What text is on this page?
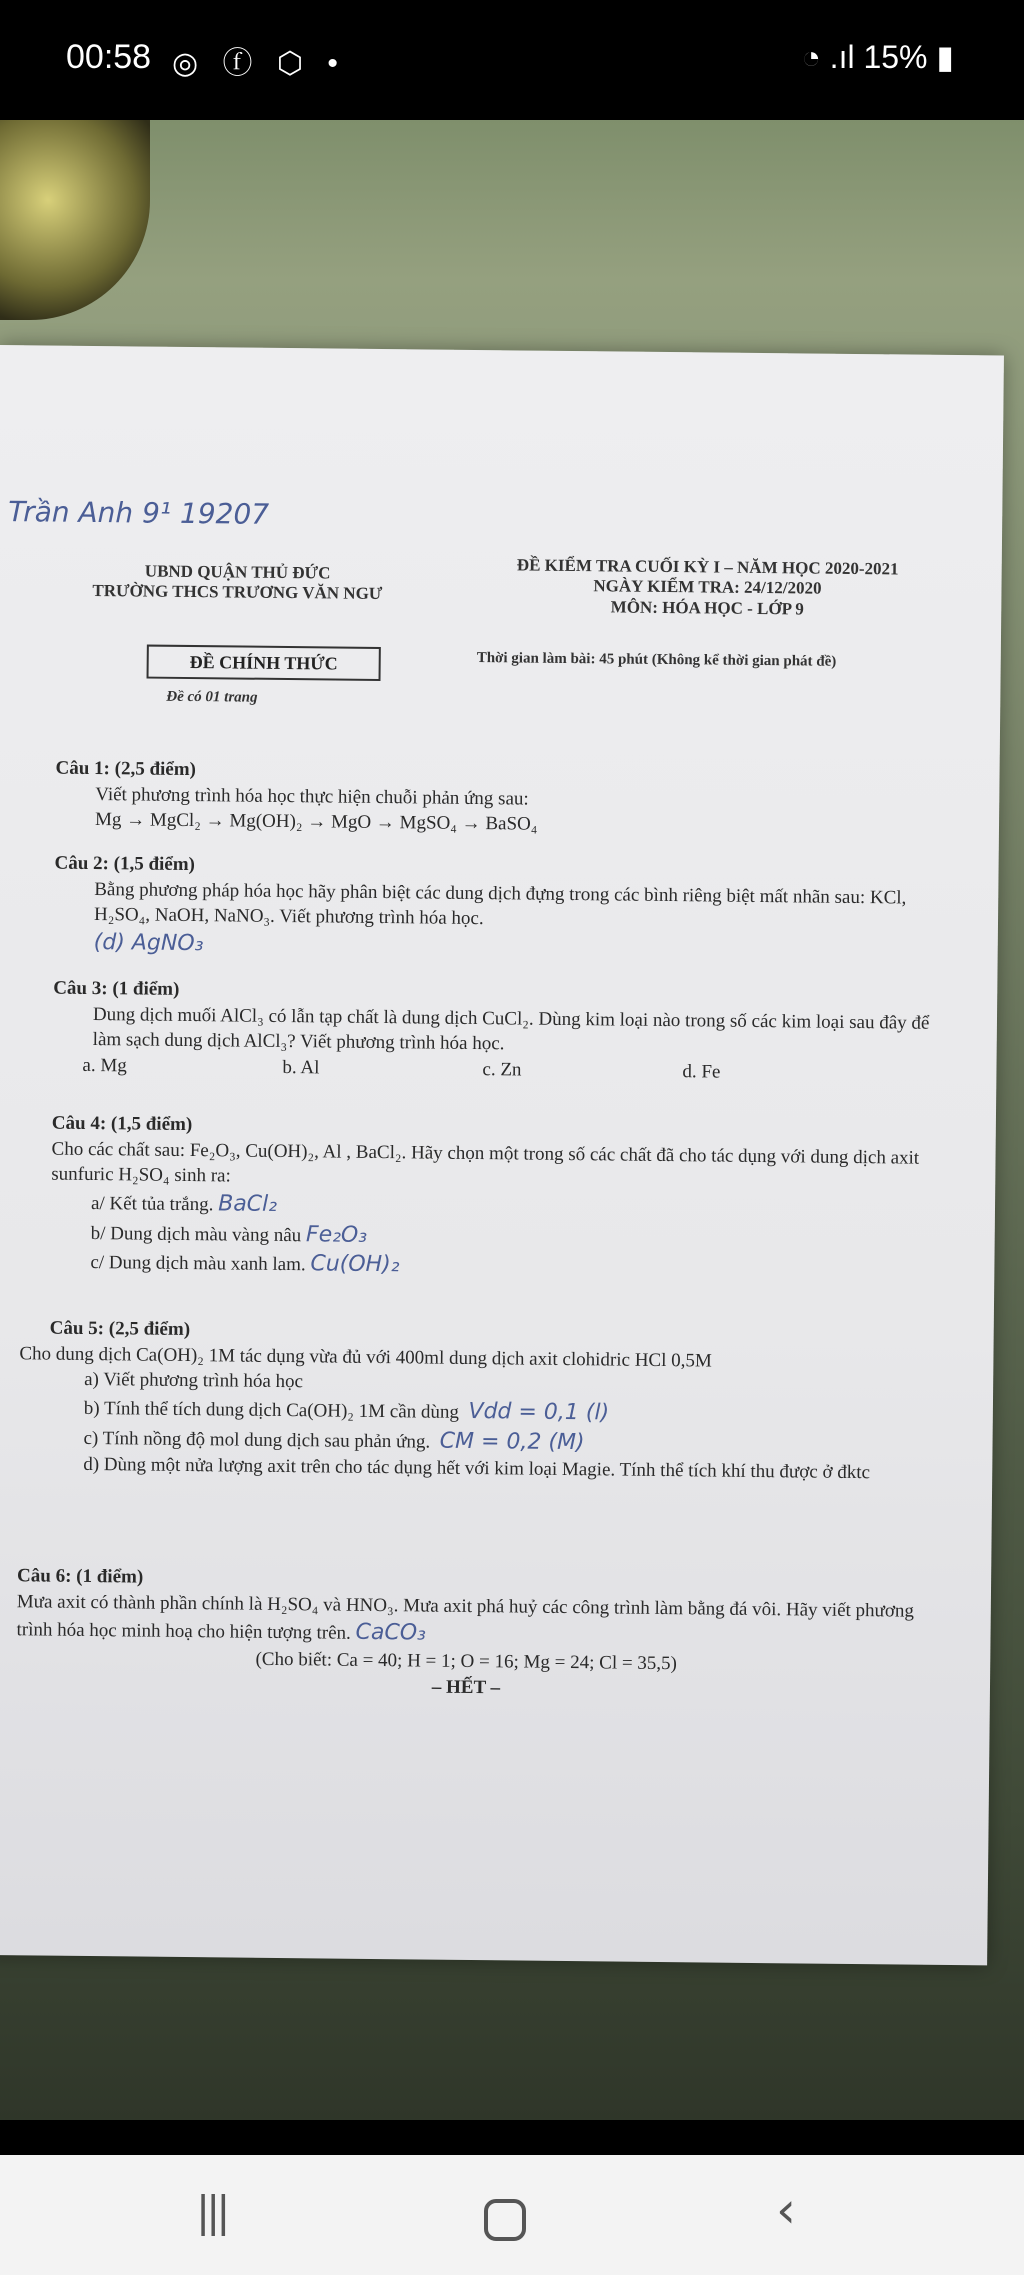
00:58 ◎ ⓕ ⬡ •	◔ .ıl 15% ▮
Trần Anh 9¹ 19207
UBND QUẬN THỦ ĐỨC
TRƯỜNG THCS TRƯƠNG VĂN NGƯ
ĐỀ KIỂM TRA CUỐI KỲ I – NĂM HỌC 2020-2021
NGÀY KIỂM TRA: 24/12/2020
MÔN: HÓA HỌC - LỚP 9
ĐỀ CHÍNH THỨC	Thời gian làm bài: 45 phút (Không kể thời gian phát đề)
Đề có 01 trang
Câu 1: (2,5 điểm)
Viết phương trình hóa học thực hiện chuỗi phản ứng sau:
Mg → MgCl₂ → Mg(OH)₂ → MgO → MgSO₄ → BaSO₄
Câu 2: (1,5 điểm)
Bằng phương pháp hóa học hãy phân biệt các dung dịch đựng trong các bình riêng biệt mất nhãn sau: KCl, H₂SO₄, NaOH, NaNO₃. Viết phương trình hóa học.
(d) AgNO₃
Câu 3: (1 điểm)
Dung dịch muối AlCl₃ có lẫn tạp chất là dung dịch CuCl₂. Dùng kim loại nào trong số các kim loại sau đây để làm sạch dung dịch AlCl₃? Viết phương trình hóa học.
a. Mg	b. Al	c. Zn	d. Fe
Câu 4: (1,5 điểm)
Cho các chất sau: Fe₂O₃, Cu(OH)₂, Al , BaCl₂. Hãy chọn một trong số các chất đã cho tác dụng với dung dịch axit sunfuric H₂SO₄ sinh ra:
a/ Kết tủa trắng. BaCl₂
b/ Dung dịch màu vàng nâu Fe₂O₃
c/ Dung dịch màu xanh lam. Cu(OH)₂
Câu 5: (2,5 điểm)
Cho dung dịch Ca(OH)₂ 1M tác dụng vừa đủ với 400ml dung dịch axit clohidric HCl 0,5M
a) Viết phương trình hóa học
b) Tính thể tích dung dịch Ca(OH)₂ 1M cần dùng Vdd = 0,1 (l)
c) Tính nồng độ mol dung dịch sau phản ứng. CM = 0,2 (M)
d) Dùng một nửa lượng axit trên cho tác dụng hết với kim loại Magie. Tính thể tích khí thu được ở đktc
Câu 6: (1 điểm)
Mưa axit có thành phần chính là H₂SO₄ và HNO₃. Mưa axit phá huỷ các công trình làm bằng đá vôi. Hãy viết phương trình hóa học minh hoạ cho hiện tượng trên. CaCO₃
(Cho biết: Ca = 40; H = 1; O = 16; Mg = 24; Cl = 35,5)
– HẾT –
|||	‹
